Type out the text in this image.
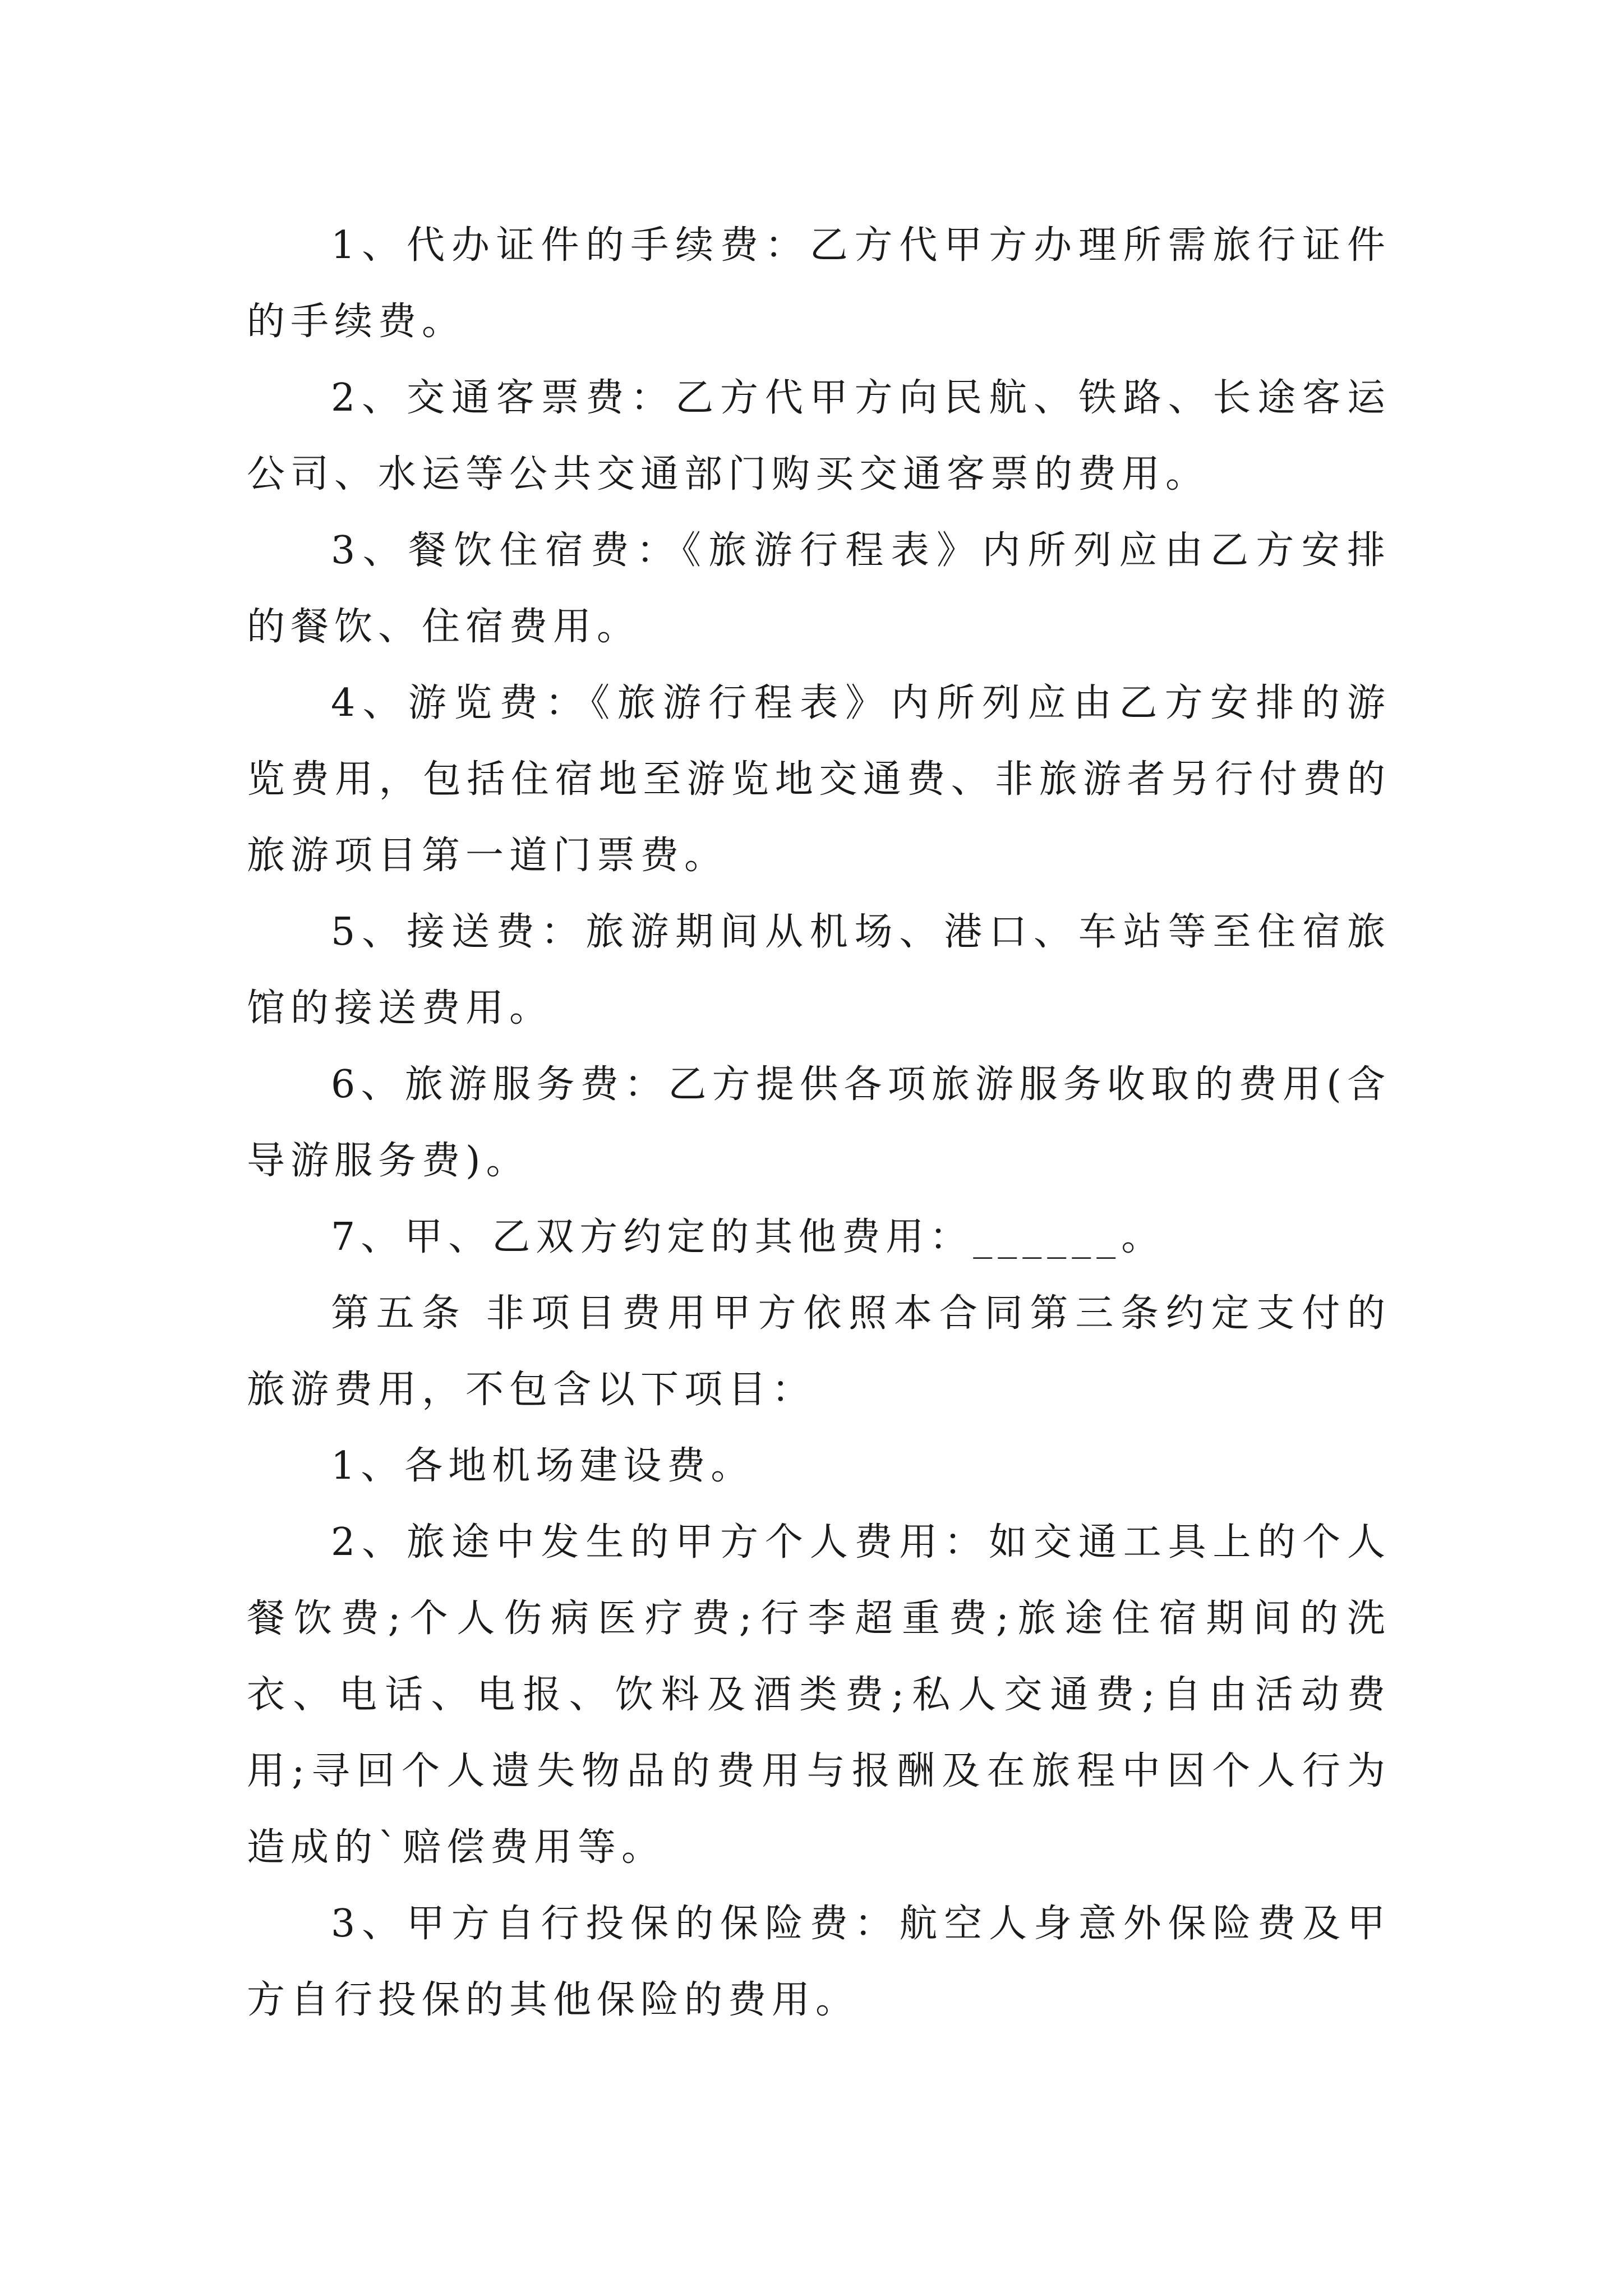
1、代办证件的手续费：乙方代甲方办理所需旅行证件的手续费。

2、交通客票费：乙方代甲方向民航、铁路、长途客运公司、水运等公共交通部门购买交通客票的费用。

3、餐饮住宿费：《旅游行程表》内所列应由乙方安排的餐饮、住宿费用。

4、游览费：《旅游行程表》内所列应由乙方安排的游览费用，包括住宿地至游览地交通费、非旅游者另行付费的旅游项目第一道门票费。

5、接送费：旅游期间从机场、港口、车站等至住宿旅馆的接送费用。

6、旅游服务费：乙方提供各项旅游服务收取的费用(含导游服务费)。

7、甲、乙双方约定的其他费用：______。

第五条 非项目费用甲方依照本合同第三条约定支付的旅游费用，不包含以下项目：

1、各地机场建设费。

2、旅途中发生的甲方个人费用：如交通工具上的个人餐饮费;个人伤病医疗费;行李超重费;旅途住宿期间的洗衣、电话、电报、饮料及酒类费;私人交通费;自由活动费用;寻回个人遗失物品的费用与报酬及在旅程中因个人行为造成的`赔偿费用等。

3、甲方自行投保的保险费：航空人身意外保险费及甲方自行投保的其他保险的费用。
